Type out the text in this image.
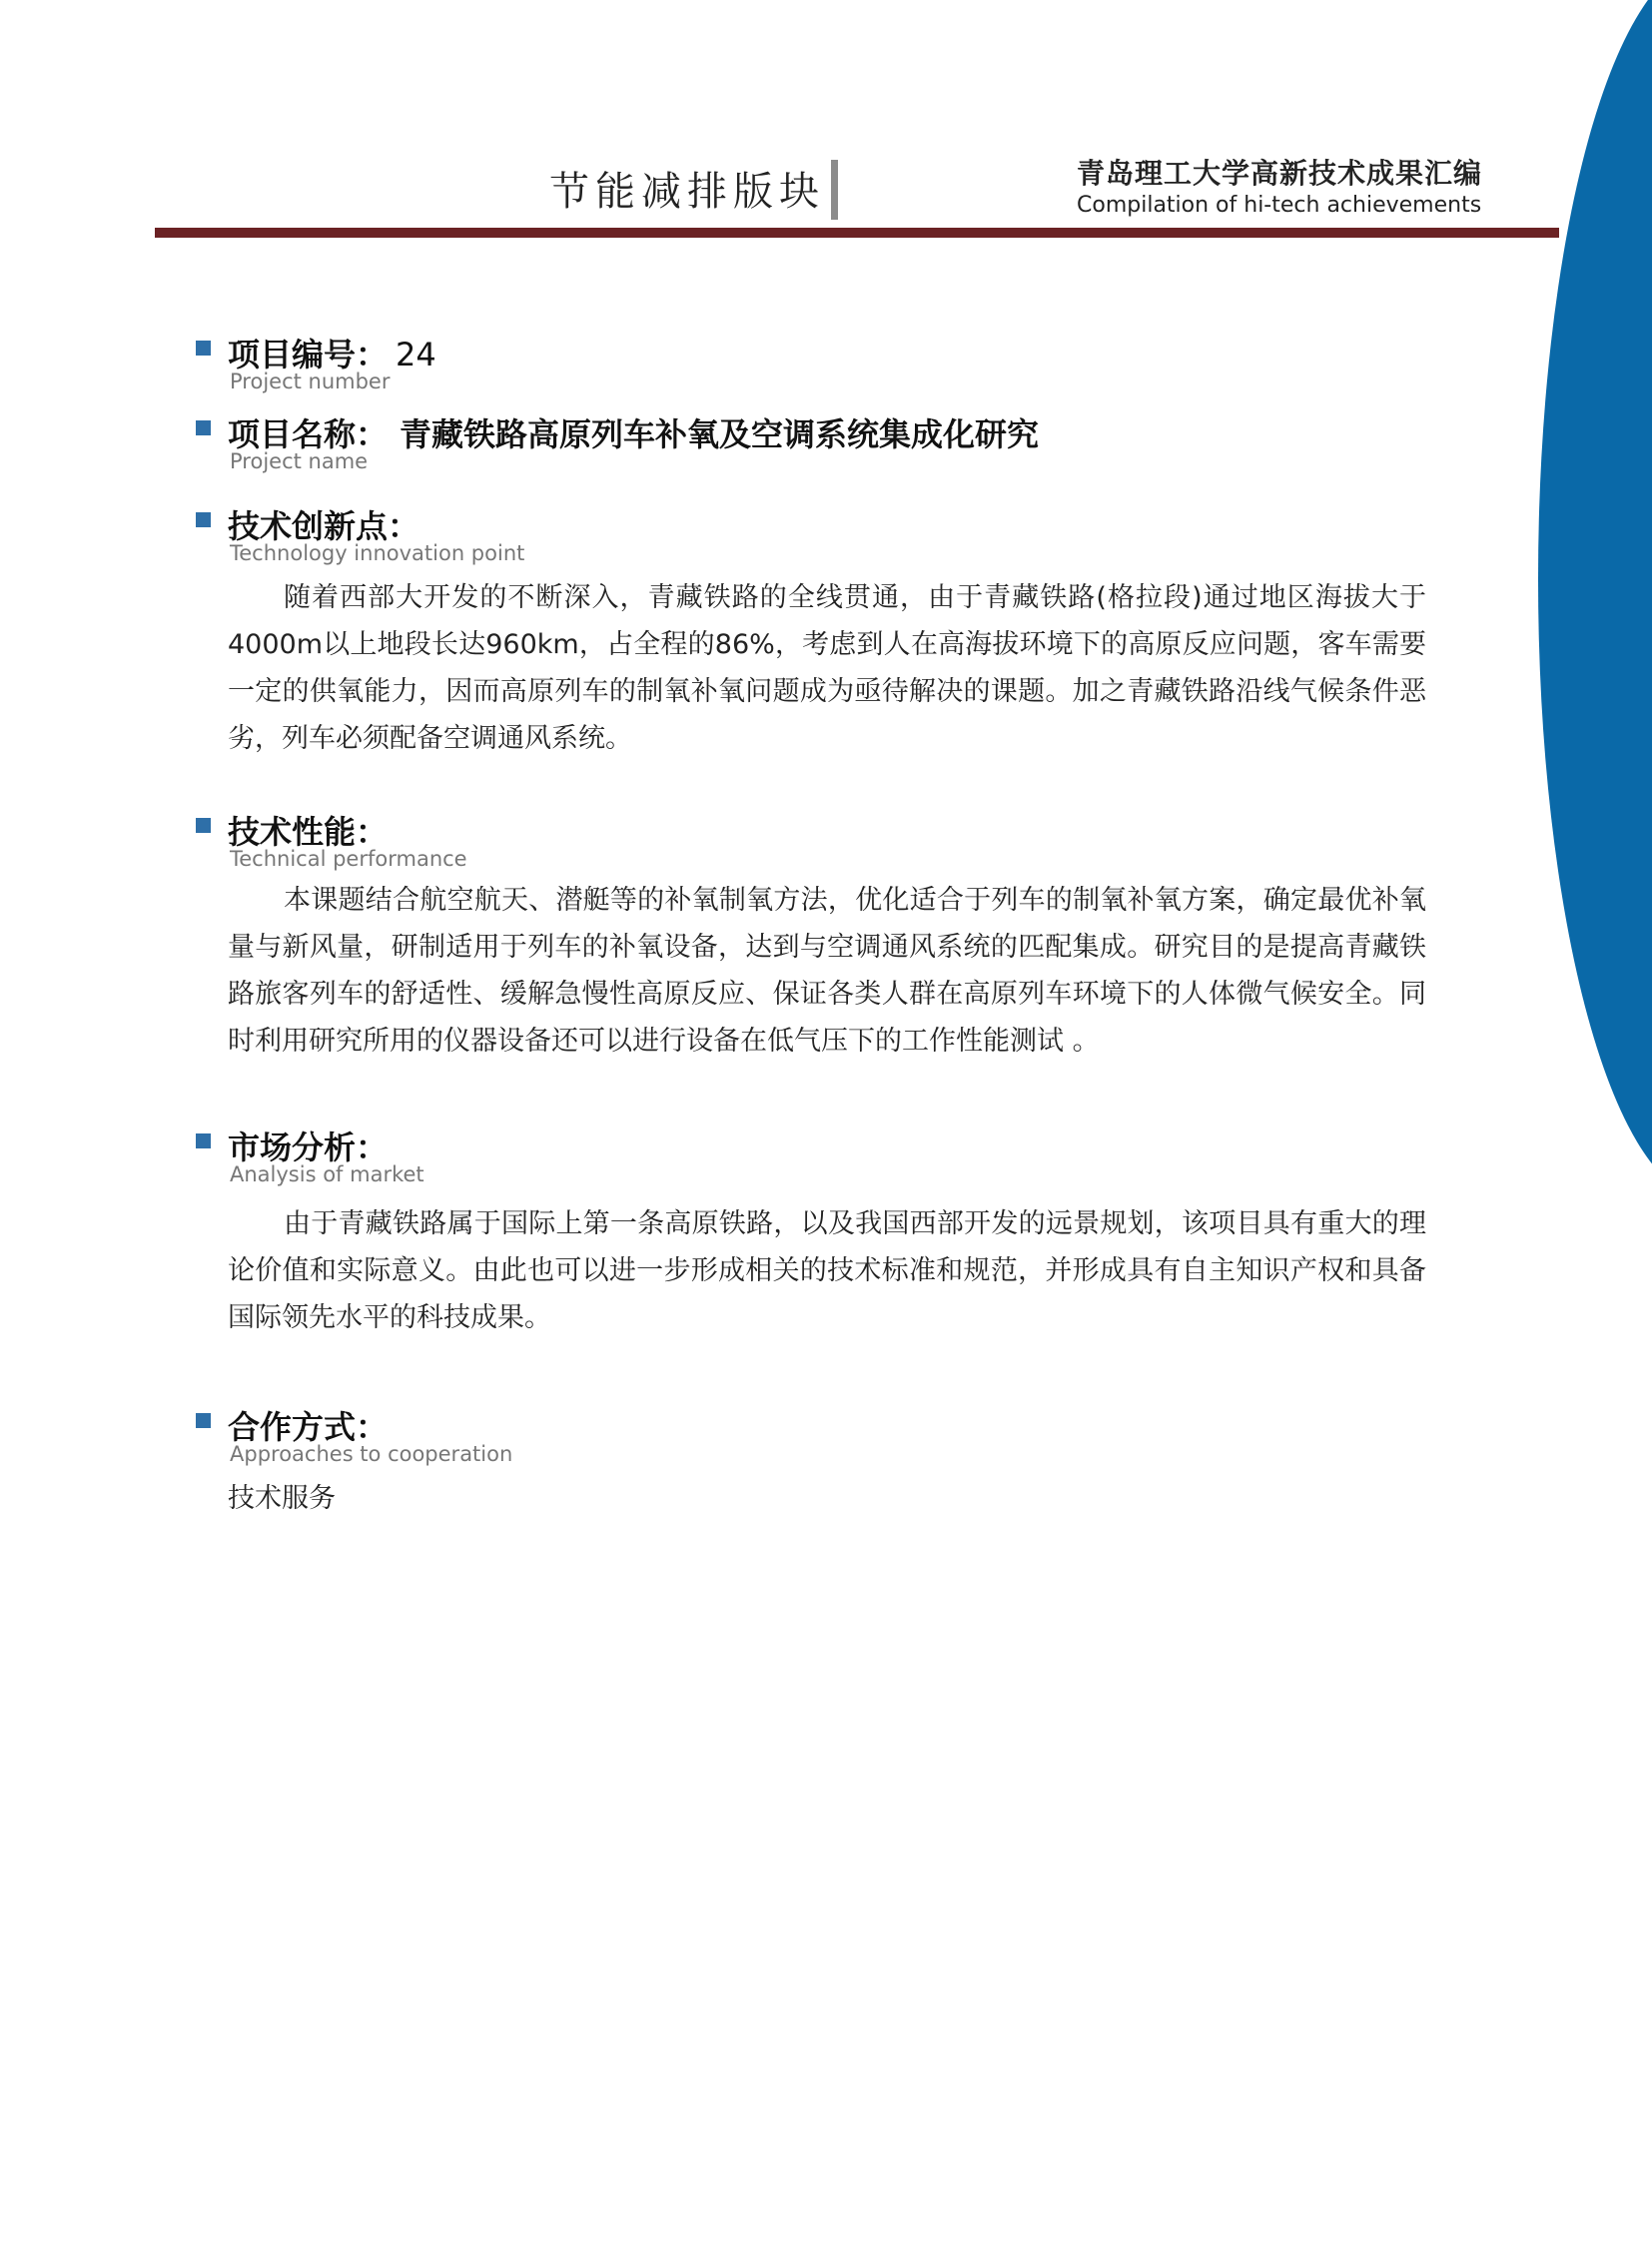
节能减排版块	青岛理工大学高新技术成果汇编
Compilation of hi-tech achievements
项目编号： 24
Project number
项目名称： 青藏铁路高原列车补氧及空调系统集成化研究
Project name
技术创新点：
Technology innovation point
随着西部大开发的不断深入，青藏铁路的全线贯通，由于青藏铁路(格拉段)通过地区海拔大于4000m以上地段长达960km，占全程的86%，考虑到人在高海拔环境下的高原反应问题，客车需要一定的供氧能力，因而高原列车的制氧补氧问题成为亟待解决的课题。加之青藏铁路沿线气候条件恶劣，列车必须配备空调通风系统。
技术性能：
Technical performance
本课题结合航空航天、潜艇等的补氧制氧方法，优化适合于列车的制氧补氧方案，确定最优补氧量与新风量，研制适用于列车的补氧设备，达到与空调通风系统的匹配集成。研究目的是提高青藏铁路旅客列车的舒适性、缓解急慢性高原反应、保证各类人群在高原列车环境下的人体微气候安全。同时利用研究所用的仪器设备还可以进行设备在低气压下的工作性能测试 。
市场分析：
Analysis of market
由于青藏铁路属于国际上第一条高原铁路，以及我国西部开发的远景规划，该项目具有重大的理论价值和实际意义。由此也可以进一步形成相关的技术标准和规范，并形成具有自主知识产权和具备国际领先水平的科技成果。
合作方式：
Approaches to cooperation
技术服务
